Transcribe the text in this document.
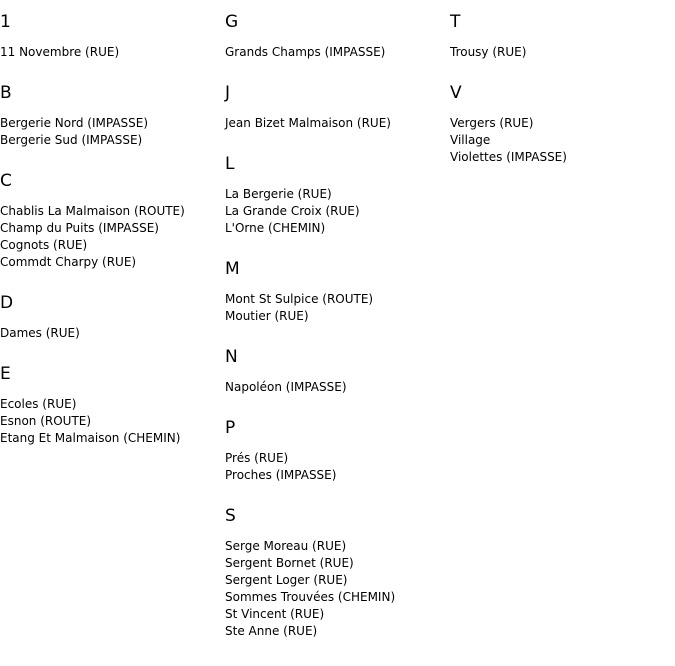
1
11 Novembre (RUE)
B
Bergerie Nord (IMPASSE)
Bergerie Sud (IMPASSE)
C
Chablis La Malmaison (ROUTE)
Champ du Puits (IMPASSE)
Cognots (RUE)
Commdt Charpy (RUE)
D
Dames (RUE)
E
Ecoles (RUE)
Esnon (ROUTE)
Etang Et Malmaison (CHEMIN)
G
Grands Champs (IMPASSE)
J
Jean Bizet Malmaison (RUE)
L
La Bergerie (RUE)
La Grande Croix (RUE)
L'Orne (CHEMIN)
M
Mont St Sulpice (ROUTE)
Moutier (RUE)
N
Napoléon (IMPASSE)
P
Prés (RUE)
Proches (IMPASSE)
S
Serge Moreau (RUE)
Sergent Bornet (RUE)
Sergent Loger (RUE)
Sommes Trouvées (CHEMIN)
St Vincent (RUE)
Ste Anne (RUE)
T
Trousy (RUE)
V
Vergers (RUE)
Village
Violettes (IMPASSE)
